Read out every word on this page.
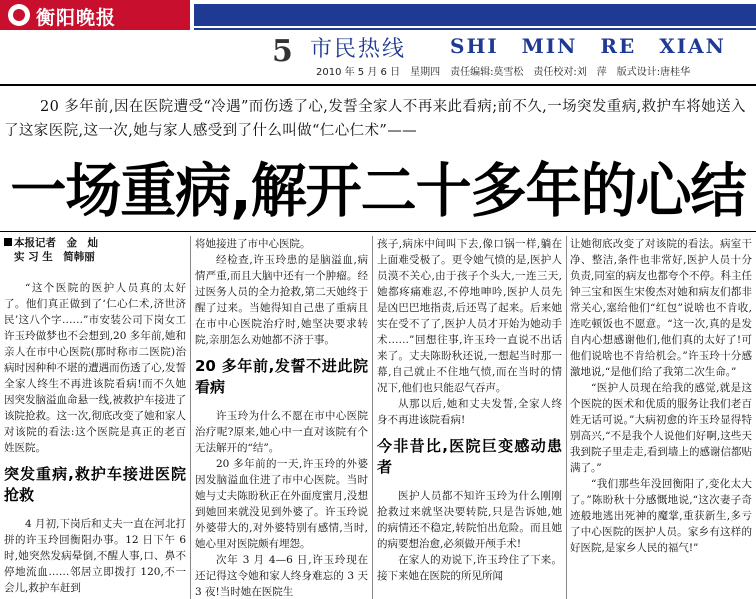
衡阳晚报
5 市民热线 SHI MIN RE XIAN
2010 年 5 月 6 日　星期四　责任编辑:莫雪松　责任校对:刘　萍　版式设计:唐桂华
20 多年前,因在医院遭受“冷遇”而伤透了心,发誓全家人不再来此看病;前不久,一场突发重病,救护车将她送入了这家医院,这一次,她与家人感受到了什么叫做“仁心仁术”——
一场重病,解开二十多年的心结
本报记者　金　灿
实 习 生　简韩丽

“这个医院的医护人员真的太好了。他们真正做到了‘仁心仁术,济世济民’这八个字……”市安装公司下岗女工许玉玲做梦也不会想到,20 多年前,她和亲人在市中心医院(那时称市二医院)治病时因种种不堪的遭遇而伤透了心,发誓全家人终生不再进该院看病!而不久她因突发脑溢血命悬一线,被救护车接进了该院抢救。这一次,彻底改变了她和家人对该院的看法:这个医院是真正的老百姓医院。

突发重病,救护车接进医院抢救

4 月初,下岗后和丈夫一直在河北打拼的许玉玲回衡阳办事。12 日下午 6 时,她突然发病晕倒,不醒人事,口、鼻不停地流血……邻居立即拨打 120,不一会儿,救护车赶到

将她接进了市中心医院。

经检查,许玉玲患的是脑溢血,病情严重,而且大脑中还有一个肿瘤。经过医务人员的全力抢救,第二天她终于醒了过来。当她得知自己患了重病且在市中心医院治疗时,她坚决要求转院,亲朋怎么劝她都不济于事。

20 多年前,发誓不进此院看病

许玉玲为什么不愿在市中心医院治疗呢?原来,她心中一直对该院有个无法解开的“结”。

20 多年前的一天,许玉玲的外婆因发脑溢血住进了市中心医院。当时她与丈夫陈盼秋正在外面度蜜月,没想到她回来就没见到外婆了。许玉玲说外婆带大的,对外婆特别有感情,当时,她心里对医院颇有埋怨。

次年 3 月 4—6 日,许玉玲现在还记得这令她和家人终身难忘的 3 天 3 夜!当时她在医院生

孩子,病床中间叫下去,像口锅一样,躺在上面难受极了。更令她气愤的是,医护人员漠不关心,由于孩子个头大,一连三天,她都疼痛难忍,不停地呻吟,医护人员先是凶巴巴地指责,后还骂了起来。后来她实在受不了了,医护人员才开始为她动手术……”回想往事,许玉玲一直说不出话来了。丈夫陈盼秋还说,一想起当时那一幕,自己就止不住地气愤,而在当时的情况下,他们也只能忍气吞声。

从那以后,她和丈夫发誓,全家人终身不再进该院看病!

今非昔比,医院巨变感动患者

医护人员都不知许玉玲为什么刚刚抢救过来就坚决要转院,只是告诉她,她的病情还不稳定,转院怕出危险。而且她的病要想治愈,必须做开颅手术!

在家人的劝说下,许玉玲住了下来。接下来她在医院的所见所闻

让她彻底改变了对该院的看法。病室干净、整洁,条件也非常好,医护人员十分负责,同室的病友也都夸个不停。科主任钟三宝和医生宋俊杰对她和病友们都非常关心,塞给他们“红包”说啥也不肯收,连吃顿饭也不愿意。“这一次,真的是发自内心想感谢他们,他们真的太好了!可他们说啥也不肯给机会。”许玉玲十分感激地说,“是他们给了我第二次生命。”

“医护人员现在给我的感觉,就是这个医院的医术和优质的服务让我们老百姓无话可说。”大病初愈的许玉玲显得特别高兴,“不是我个人说他们好啊,这些天我到院子里走走,看到墙上的感谢信都贴满了。”

“我们那些年没回衡阳了,变化太大了。”陈盼秋十分感慨地说,“这次妻子奇迹般地逃出死神的魔掌,重获新生,多亏了中心医院的医护人员。家乡有这样的好医院,是家乡人民的福气!”
